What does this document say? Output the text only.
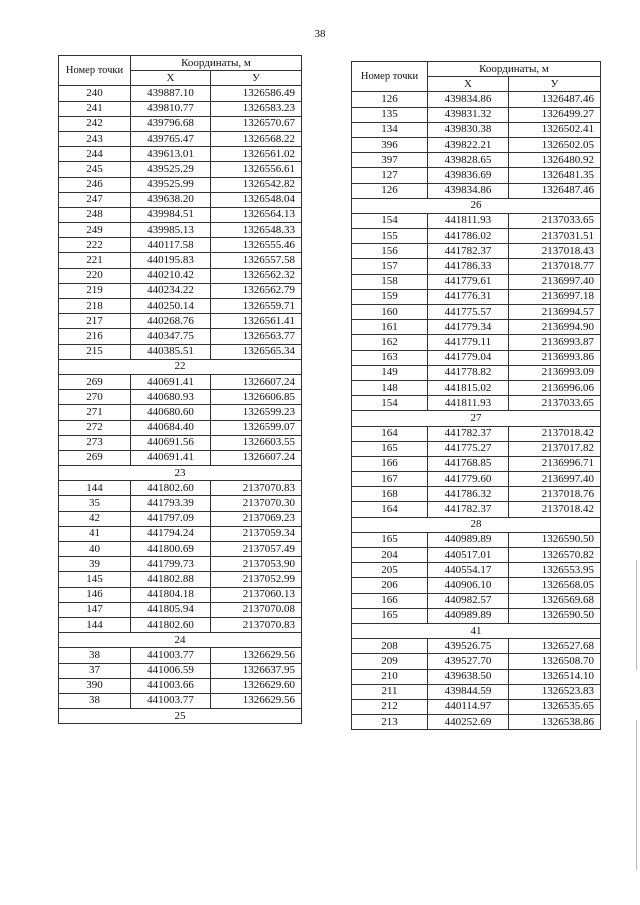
38
Номер точки	Координаты, м	
	X	У
240	439887.10	1326586.49
241	439810.77	1326583.23
242	439796.68	1326570.67
243	439765.47	1326568.22
244	439613.01	1326561.02
245	439525.29	1326556.61
246	439525.99	1326542.82
247	439638.20	1326548.04
248	439984.51	1326564.13
249	439985.13	1326548.33
222	440117.58	1326555.46
221	440195.83	1326557.58
220	440210.42	1326562.32
219	440234.22	1326562.79
218	440250.14	1326559.71
217	440268.76	1326561.41
216	440347.75	1326563.77
215	440385.51	1326565.34
22		
269	440691.41	1326607.24
270	440680.93	1326606.85
271	440680.60	1326599.23
272	440684.40	1326599.07
273	440691.56	1326603.55
269	440691.41	1326607.24
23		
144	441802.60	2137070.83
35	441793.39	2137070.30
42	441797.09	2137069.23
41	441794.24	2137059.34
40	441800.69	2137057.49
39	441799.73	2137053.90
145	441802.88	2137052.99
146	441804.18	2137060.13
147	441805.94	2137070.08
144	441802.60	2137070.83
24		
38	441003.77	1326629.56
37	441006.59	1326637.95
390	441003.66	1326629.60
38	441003.77	1326629.56
25		
Номер точки	Координаты, м	
	X	У
126	439834.86	1326487.46
135	439831.32	1326499.27
134	439830.38	1326502.41
396	439822.21	1326502.05
397	439828.65	1326480.92
127	439836.69	1326481.35
126	439834.86	1326487.46
26		
154	441811.93	2137033.65
155	441786.02	2137031.51
156	441782.37	2137018.43
157	441786.33	2137018.77
158	441779.61	2136997.40
159	441776.31	2136997.18
160	441775.57	2136994.57
161	441779.34	2136994.90
162	441779.11	2136993.87
163	441779.04	2136993.86
149	441778.82	2136993.09
148	441815.02	2136996.06
154	441811.93	2137033.65
27		
164	441782.37	2137018.42
165	441775.27	2137017.82
166	441768.85	2136996.71
167	441779.60	2136997.40
168	441786.32	2137018.76
164	441782.37	2137018.42
28		
165	440989.89	1326590.50
204	440517.01	1326570.82
205	440554.17	1326553.95
206	440906.10	1326568.05
166	440982.57	1326569.68
165	440989.89	1326590.50
41		
208	439526.75	1326527.68
209	439527.70	1326508.70
210	439638.50	1326514.10
211	439844.59	1326523.83
212	440114.97	1326535.65
213	440252.69	1326538.86
